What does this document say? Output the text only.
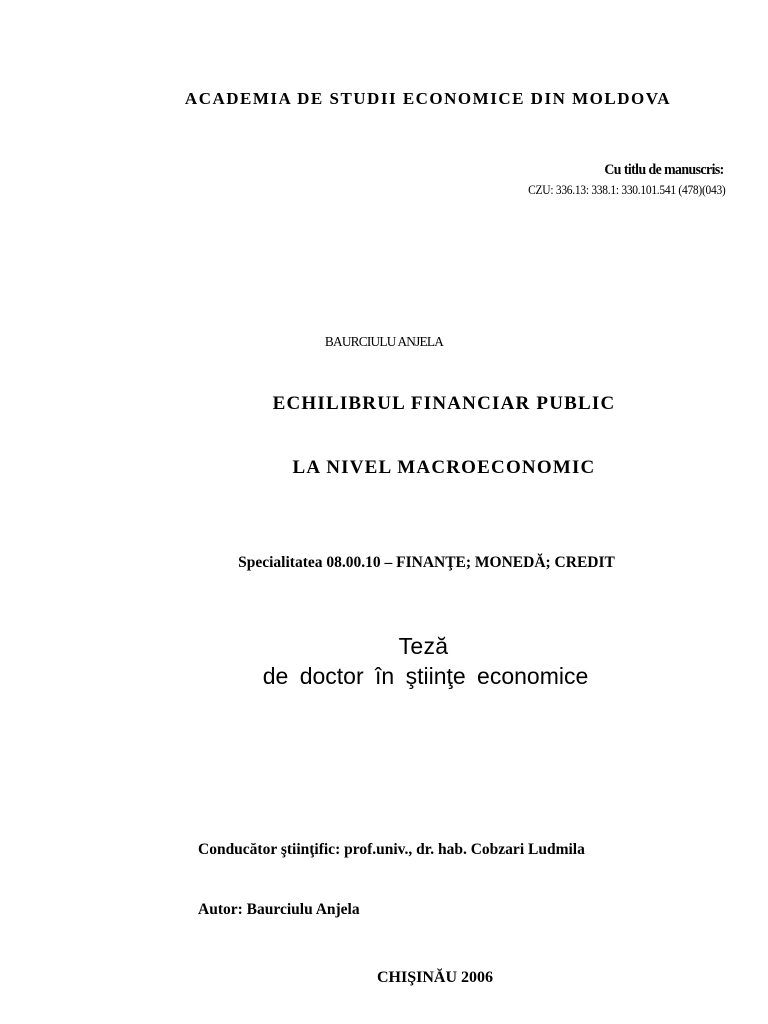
ACADEMIA DE STUDII ECONOMICE DIN MOLDOVA
Cu titlu de manuscris:
CZU: 336.13: 338.1: 330.101.541 (478)(043)
BAURCIULU ANJELA
ECHILIBRUL FINANCIAR PUBLIC
LA NIVEL MACROECONOMIC
Specialitatea 08.00.10 – FINANŢE; MONEDĂ; CREDIT
Teză
de doctor în ştiinţe economice
Conducător ştiinţific: prof.univ., dr. hab. Cobzari Ludmila
Autor: Baurciulu Anjela
CHIŞINĂU 2006
